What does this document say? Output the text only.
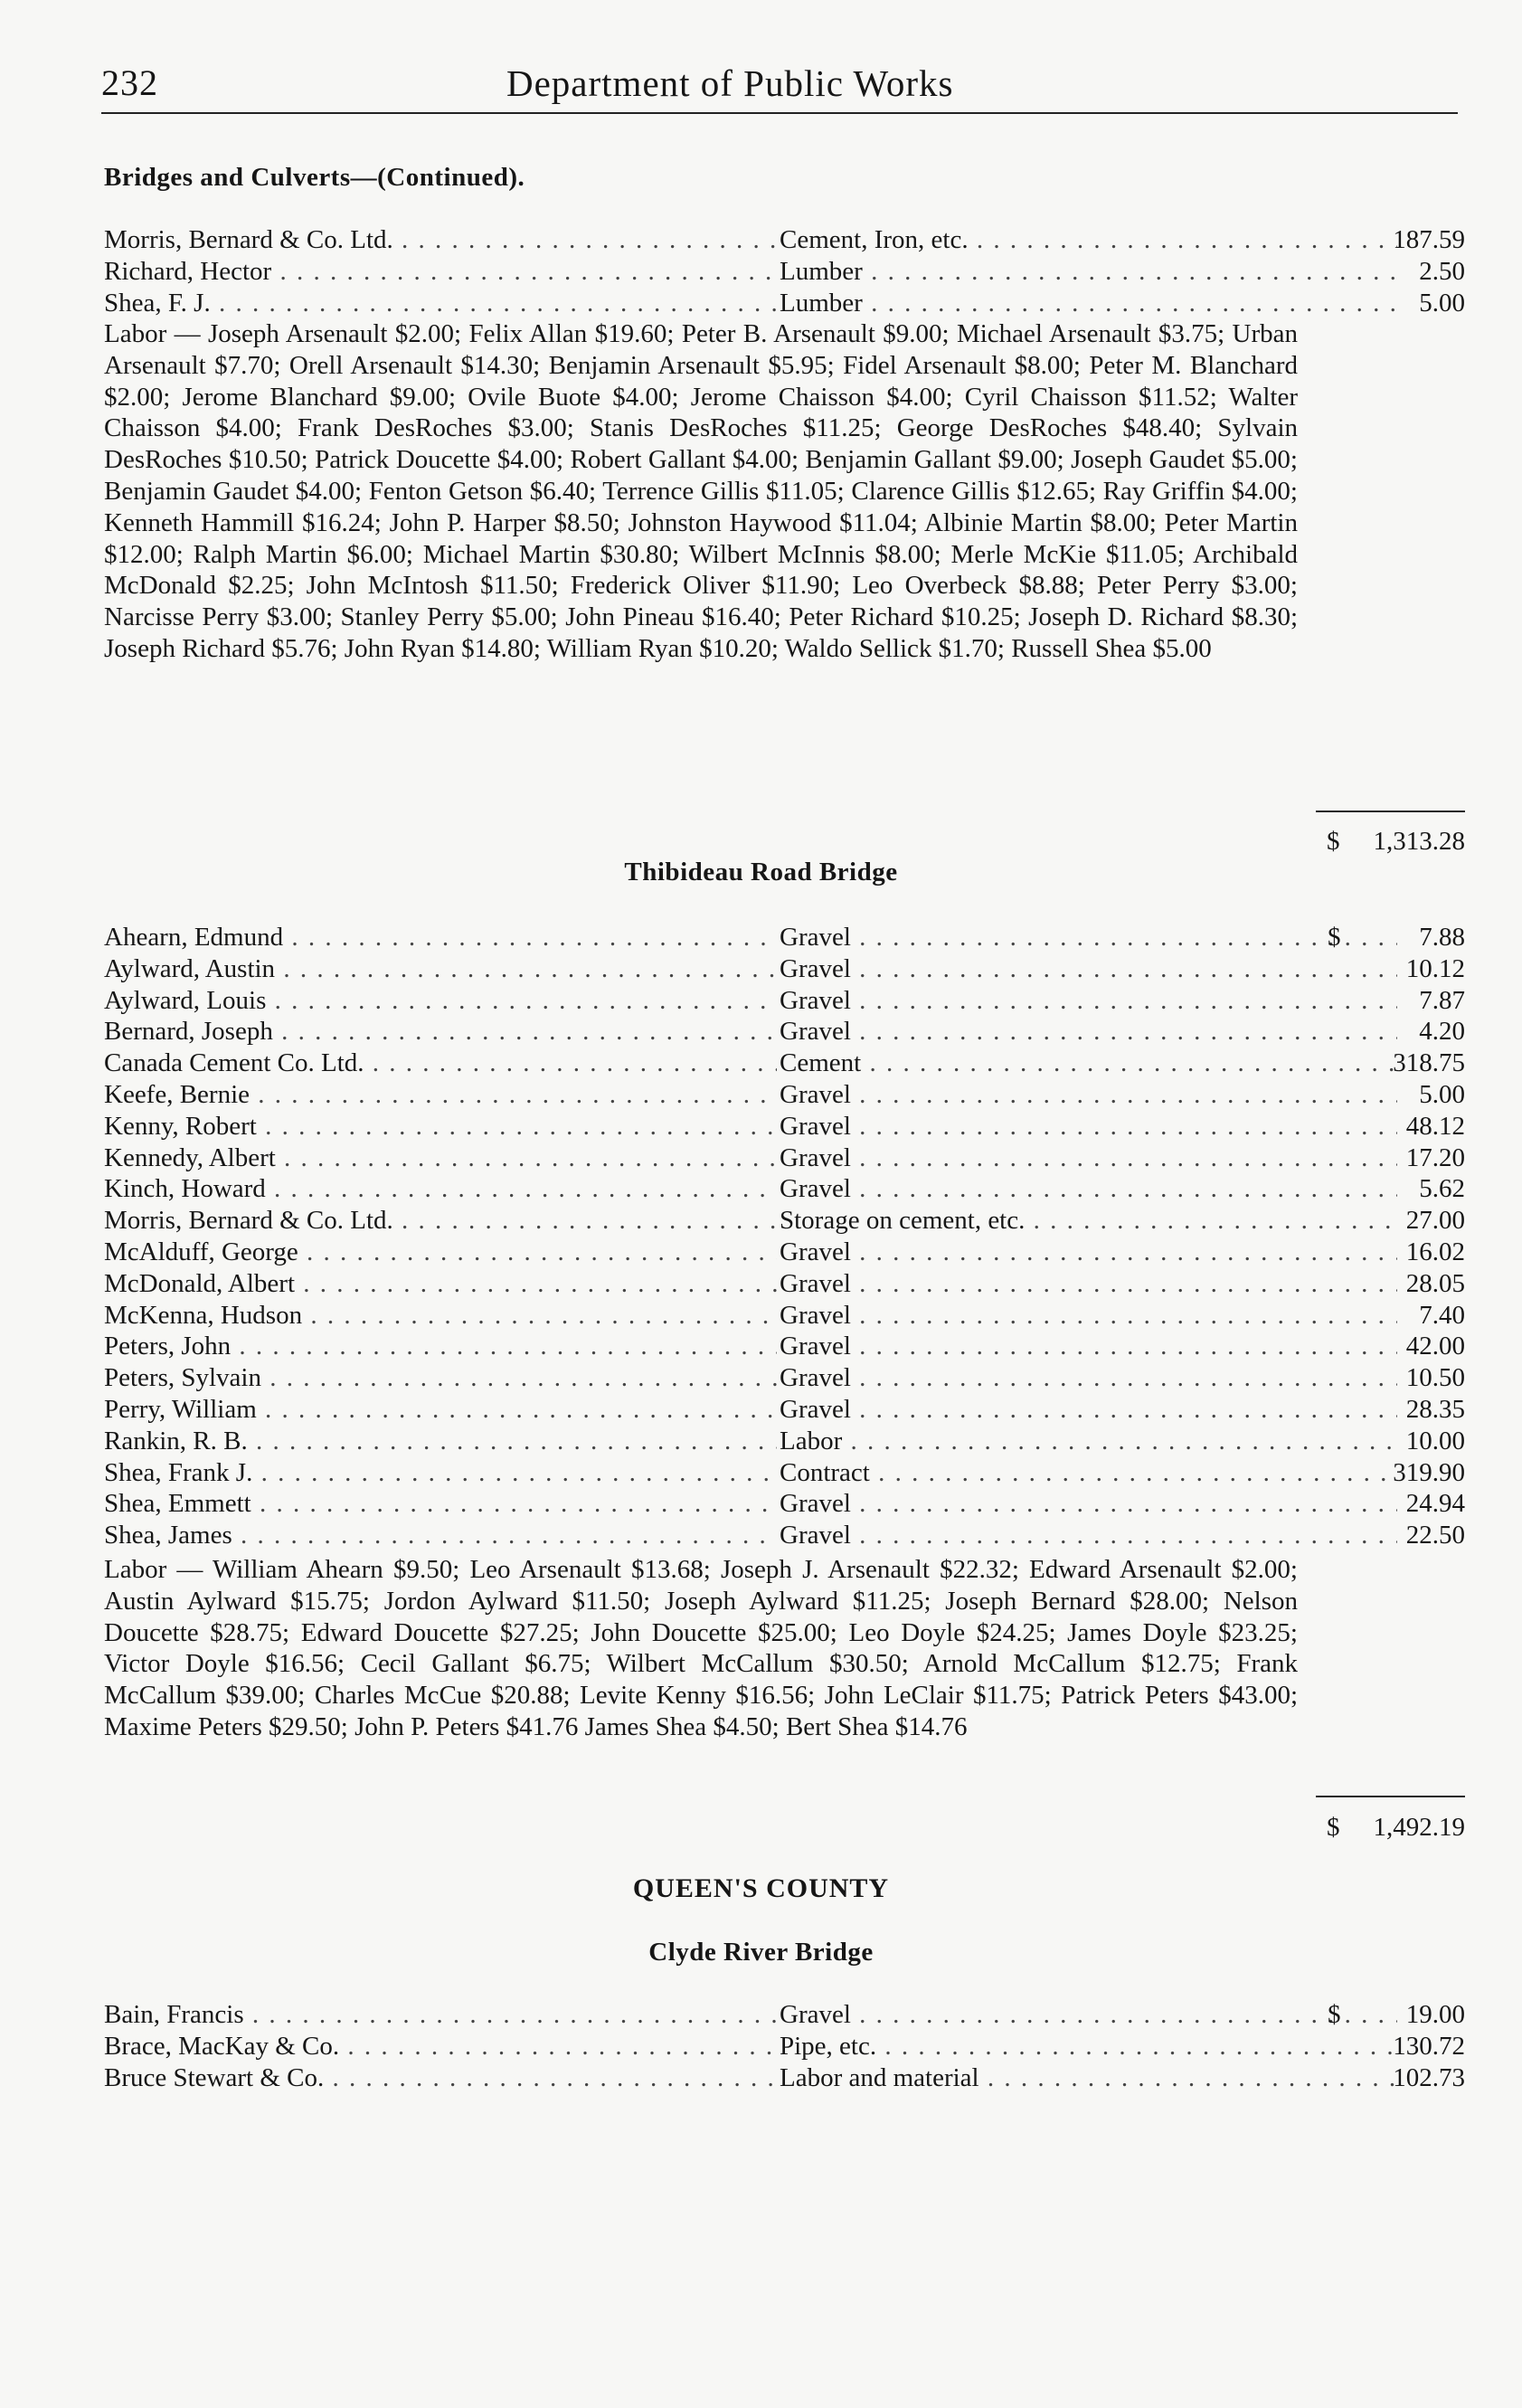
232	Department of Public Works
Bridges and Culverts—(Continued).
Morris, Bernard & Co. Ltd. . . .	Cement, Iron, etc. . . .	187.59
Richard, Hector . . .	Lumber . . .	2.50
Shea, F. J. . . .	Lumber . . .	5.00
Labor — Joseph Arsenault $2.00; Felix Allan $19.60; Peter B. Arsenault $9.00; Michael Arsenault $3.75; Urban Arsenault $7.70; Orell Arsenault $14.30; Benjamin Arsenault $5.95; Fidel Arsenault $8.00; Peter M. Blanchard $2.00; Jerome Blanchard $9.00; Ovile Buote $4.00; Jerome Chaisson $4.00; Cyril Chaisson $11.52; Walter Chaisson $4.00; Frank DesRoches $3.00; Stanis DesRoches $11.25; George DesRoches $48.40; Sylvain DesRoches $10.50; Patrick Doucette $4.00; Robert Gallant $4.00; Benjamin Gallant $9.00; Joseph Gaudet $5.00; Benjamin Gaudet $4.00; Fenton Getson $6.40; Terrence Gillis $11.05; Clarence Gillis $12.65; Ray Griffin $4.00; Kenneth Hammill $16.24; John P. Harper $8.50; Johnston Haywood $11.04; Albinie Martin $8.00; Peter Martin $12.00; Ralph Martin $6.00; Michael Martin $30.80; Wilbert McInnis $8.00; Merle McKie $11.05; Archibald McDonald $2.25; John McIntosh $11.50; Frederick Oliver $11.90; Leo Overbeck $8.88; Peter Perry $3.00; Narcisse Perry $3.00; Stanley Perry $5.00; John Pineau $16.40; Peter Richard $10.25; Joseph D. Richard $8.30; Joseph Richard $5.76; John Ryan $14.80; William Ryan $10.20; Waldo Sellick $1.70; Russell Shea $5.00
$ 1,313.28
Thibideau Road Bridge
Ahearn, Edmund . . .	Gravel . . .	$	7.88
Aylward, Austin . . .	Gravel . . .	10.12
Aylward, Louis . . .	Gravel . . .	7.87
Bernard, Joseph . . .	Gravel . . .	4.20
Canada Cement Co. Ltd. . . .	Cement . . .	318.75
Keefe, Bernie . . .	Gravel . . .	5.00
Kenny, Robert . . .	Gravel . . .	48.12
Kennedy, Albert . . .	Gravel . . .	17.20
Kinch, Howard . . .	Gravel . . .	5.62
Morris, Bernard & Co. Ltd. . . .	Storage on cement, etc. . . .	27.00
McAlduff, George . . .	Gravel . . .	16.02
McDonald, Albert . . .	Gravel . . .	28.05
McKenna, Hudson . . .	Gravel . . .	7.40
Peters, John . . .	Gravel . . .	42.00
Peters, Sylvain . . .	Gravel . . .	10.50
Perry, William . . .	Gravel . . .	28.35
Rankin, R. B. . . .	Labor . . .	10.00
Shea, Frank J. . . .	Contract . . .	319.90
Shea, Emmett . . .	Gravel . . .	24.94
Shea, James . . .	Gravel . . .	22.50
Labor — William Ahearn $9.50; Leo Arsenault $13.68; Joseph J. Arsenault $22.32; Edward Arsenault $2.00; Austin Aylward $15.75; Jordon Aylward $11.50; Joseph Aylward $11.25; Joseph Bernard $28.00; Nelson Doucette $28.75; Edward Doucette $27.25; John Doucette $25.00; Leo Doyle $24.25; James Doyle $23.25; Victor Doyle $16.56; Cecil Gallant $6.75; Wilbert McCallum $30.50; Arnold McCallum $12.75; Frank McCallum $39.00; Charles McCue $20.88; Levite Kenny $16.56; John LeClair $11.75; Patrick Peters $43.00; Maxime Peters $29.50; John P. Peters $41.76 James Shea $4.50; Bert Shea $14.76
$ 1,492.19
QUEEN'S COUNTY
Clyde River Bridge
Bain, Francis . . .	Gravel . . .	$	19.00
Brace, MacKay & Co. . . .	Pipe, etc. . . .	130.72
Bruce Stewart & Co. . . .	Labor and material . . .	102.73
